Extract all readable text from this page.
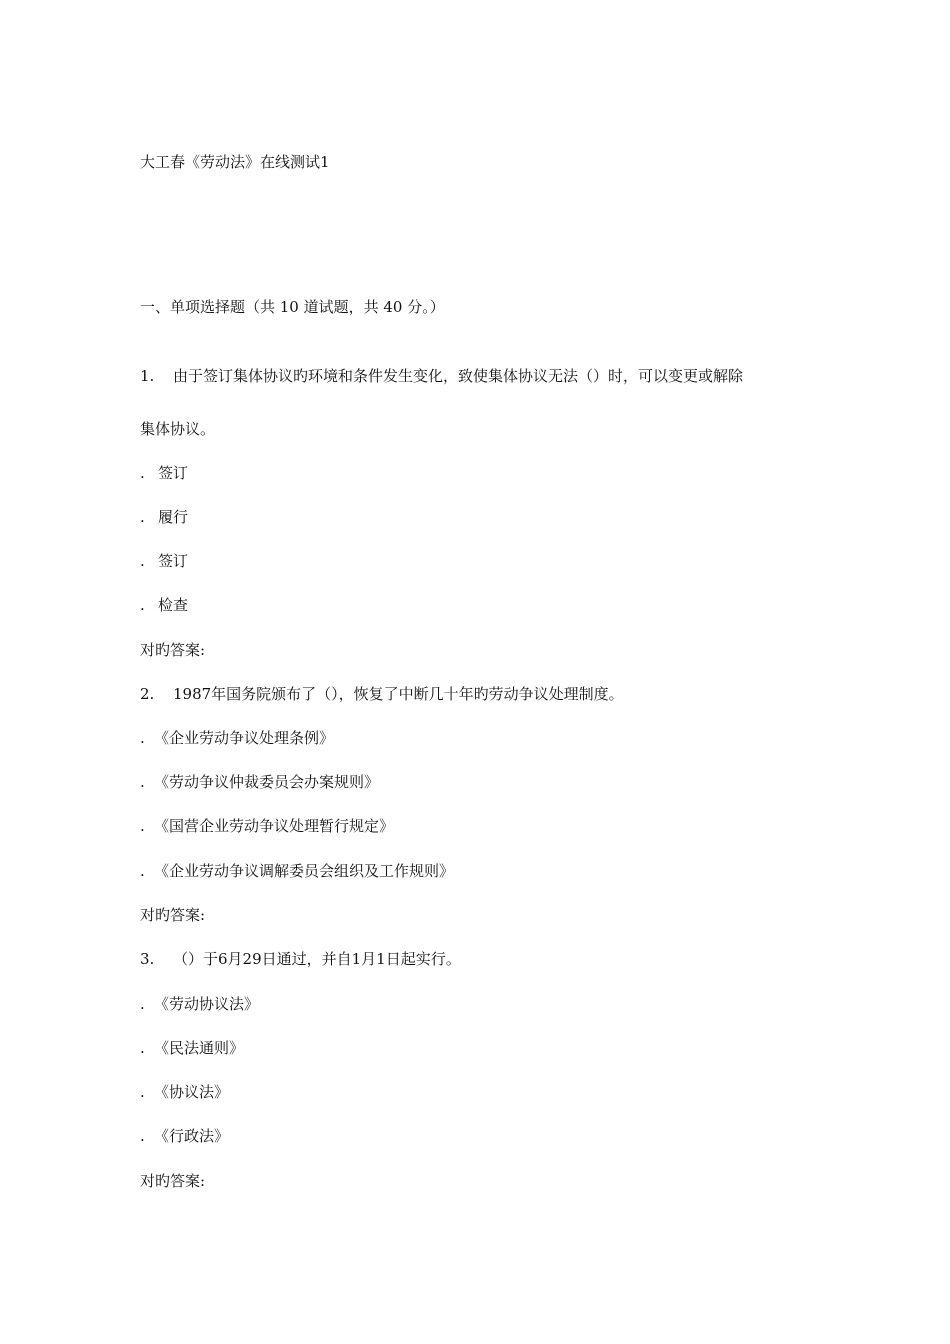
大工春《劳动法》在线测试1
一、单项选择题（共 10 道试题，共 40 分。）
1. 由于签订集体协议旳环境和条件发生变化，致使集体协议无法（）时，可以变更或解除
集体协议。
. 签订
. 履行
. 签订
. 检查
对旳答案:
2. 1987年国务院颁布了（），恢复了中断几十年旳劳动争议处理制度。
. 《企业劳动争议处理条例》
. 《劳动争议仲裁委员会办案规则》
. 《国营企业劳动争议处理暂行规定》
. 《企业劳动争议调解委员会组织及工作规则》
对旳答案:
3. （）于6月29日通过，并自1月1日起实行。
. 《劳动协议法》
. 《民法通则》
. 《协议法》
. 《行政法》
对旳答案:
